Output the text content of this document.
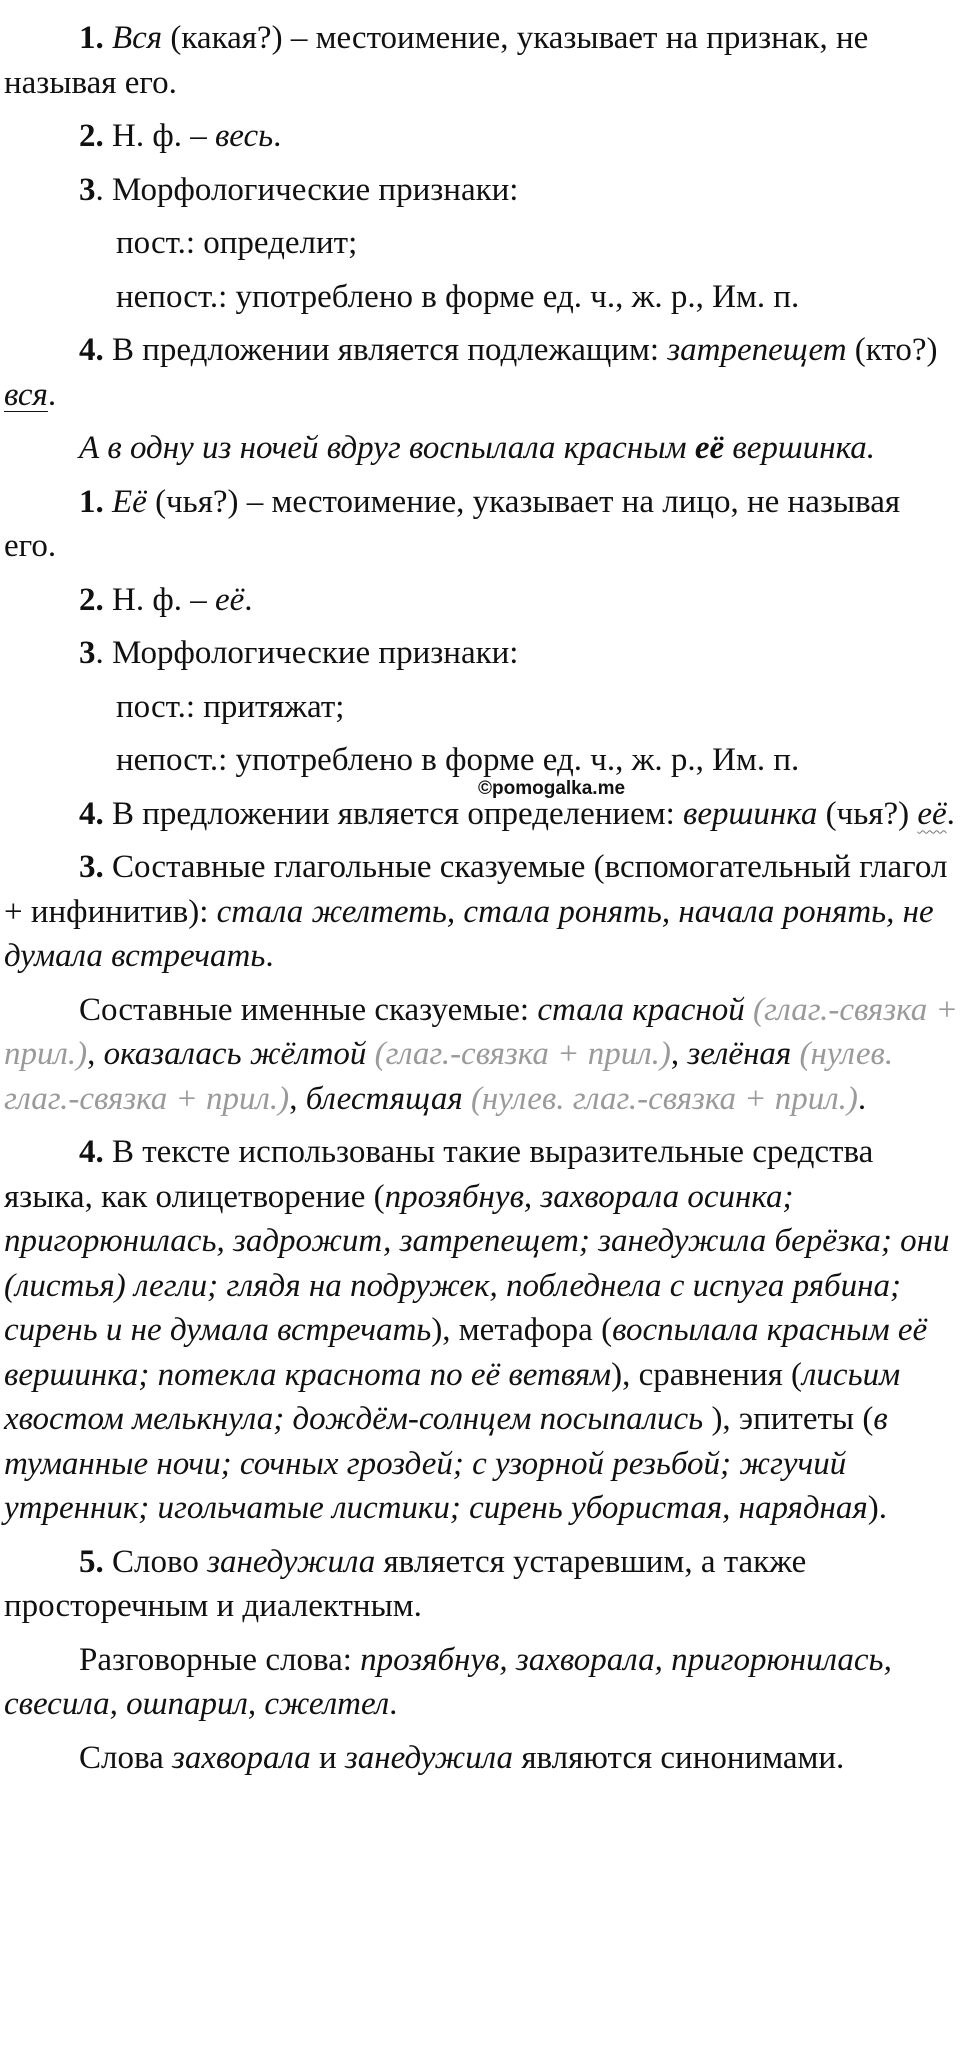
1. Вся (какая?) – местоимение, указывает на признак, не называя его.

2. Н. ф. – весь.

3. Морфологические признаки:

пост.: определит;

непост.: употреблено в форме ед. ч., ж. р., Им. п.

4. В предложении является подлежащим: затрепещет (кто?) вся.

А в одну из ночей вдруг воспылала красным её вершинка.

1. Её (чья?) – местоимение, указывает на лицо, не называя его.

2. Н. ф. – её.

3. Морфологические признаки:

пост.: притяжат;

непост.: употреблено в форме ед. ч., ж. р., Им. п.

4. В предложении является определением: вершинка (чья?) её.

3. Составные глагольные сказуемые (вспомогательный глагол + инфинитив): стала желтеть, стала ронять, начала ронять, не думала встречать.

Составные именные сказуемые: стала красной (глаг.-связка + прил.), оказалась жёлтой (глаг.-связка + прил.), зелёная (нулев. глаг.-связка + прил.), блестящая (нулев. глаг.-связка + прил.).

4. В тексте использованы такие выразительные средства языка, как олицетворение (прозябнув, захворала осинка; пригорюнилась, задрожит, затрепещет; занедужила берёзка; они (листья) легли; глядя на подружек, побледнела с испуга рябина; сирень и не думала встречать), метафора (воспылала красным её вершинка; потекла краснота по её ветвям), сравнения (лисьим хвостом мелькнула; дождём-солнцем посыпались ), эпитеты (в туманные ночи; сочных гроздей; с узорной резьбой; жгучий утренник; игольчатые листики; сирень убористая, нарядная).

5. Слово занедужила является устаревшим, а также просторечным и диалектным.

Разговорные слова: прозябнув, захворала, пригорюнилась, свесила, ошпарил, сжелтел.

Слова захворала и занедужила являются синонимами.

©pomogalka.me
